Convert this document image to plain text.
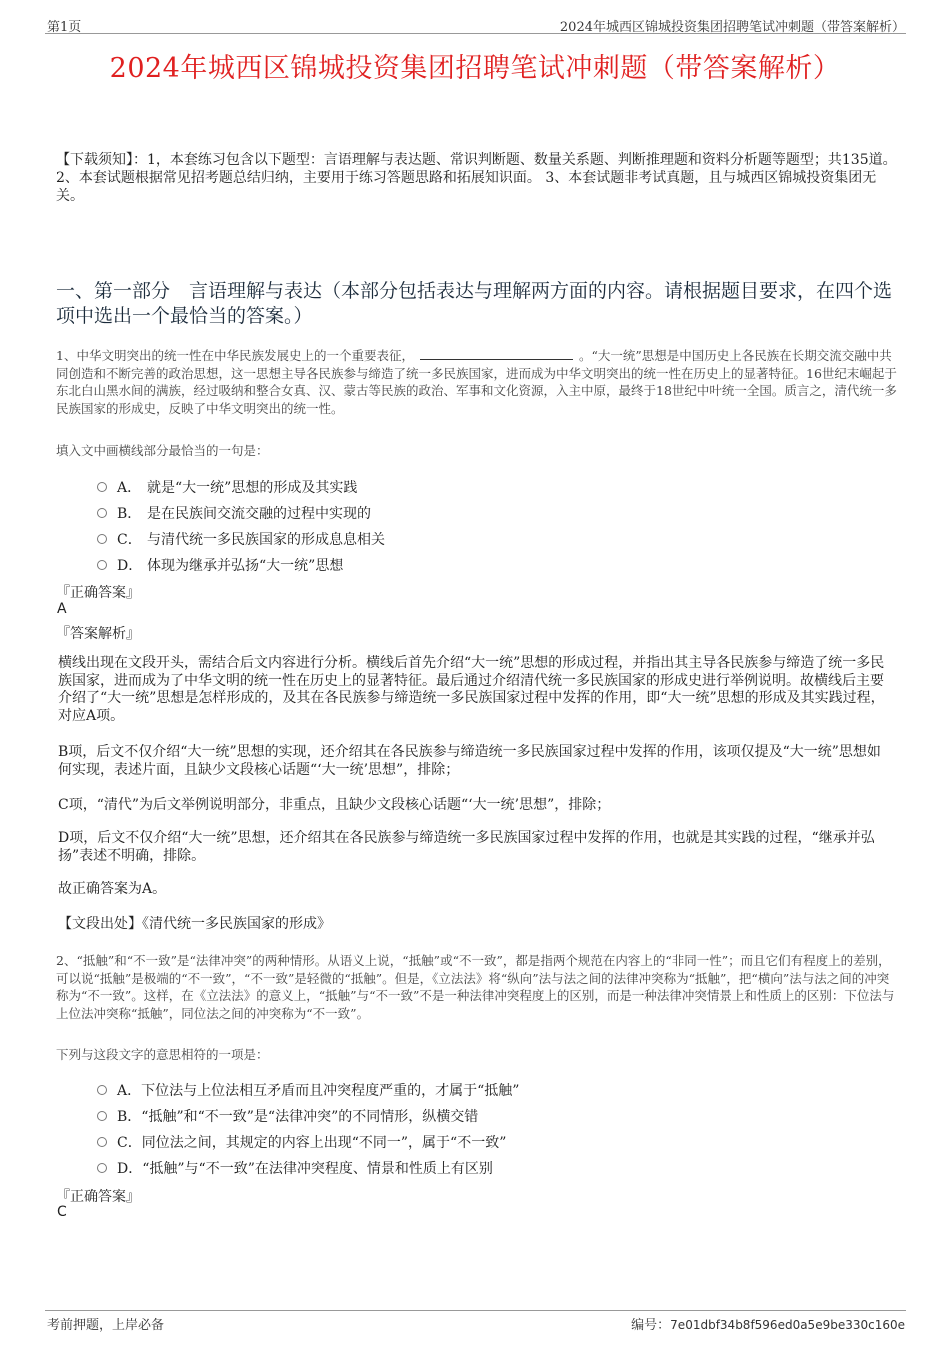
第1页	2024年城西区锦城投资集团招聘笔试冲刺题（带答案解析）
2024年城西区锦城投资集团招聘笔试冲刺题（带答案解析）
【下载须知】：1，本套练习包含以下题型：言语理解与表达题、常识判断题、数量关系题、判断推理题和资料分析题等题型；共135道。 2、本套试题根据常见招考题总结归纳，主要用于练习答题思路和拓展知识面。 3、本套试题非考试真题，且与城西区锦城投资集团无关。
一、第一部分　言语理解与表达（本部分包括表达与理解两方面的内容。请根据题目要求，在四个选项中选出一个最恰当的答案。）
1、中华文明突出的统一性在中华民族发展史上的一个重要表征，	。“大一统”思想是中国历史上各民族在长期交流交融中共同创造和不断完善的政治思想，这一思想主导各民族参与缔造了统一多民族国家，进而成为中华文明突出的统一性在历史上的显著特征。16世纪末崛起于东北白山黑水间的满族，经过吸纳和整合女真、汉、蒙古等民族的政治、军事和文化资源，入主中原，最终于18世纪中叶统一全国。质言之，清代统一多民族国家的形成史，反映了中华文明突出的统一性。
填入文中画横线部分最恰当的一句是：
A． 就是“大一统”思想的形成及其实践
B． 是在民族间交流交融的过程中实现的
C． 与清代统一多民族国家的形成息息相关
D． 体现为继承并弘扬“大一统”思想
『正确答案』
A
『答案解析』
横线出现在文段开头，需结合后文内容进行分析。横线后首先介绍“大一统”思想的形成过程，并指出其主导各民族参与缔造了统一多民族国家，进而成为了中华文明的统一性在历史上的显著特征。最后通过介绍清代统一多民族国家的形成史进行举例说明。故横线后主要介绍了“大一统”思想是怎样形成的，及其在各民族参与缔造统一多民族国家过程中发挥的作用，即“大一统”思想的形成及其实践过程，对应A项。
B项，后文不仅介绍“大一统”思想的实现，还介绍其在各民族参与缔造统一多民族国家过程中发挥的作用，该项仅提及“大一统”思想如何实现，表述片面，且缺少文段核心话题“‘大一统’思想”，排除；
C项，“清代”为后文举例说明部分，非重点，且缺少文段核心话题“‘大一统’思想”，排除；
D项，后文不仅介绍“大一统”思想，还介绍其在各民族参与缔造统一多民族国家过程中发挥的作用，也就是其实践的过程，“继承并弘扬”表述不明确，排除。
故正确答案为A。
【文段出处】《清代统一多民族国家的形成》
2、“抵触”和“不一致”是“法律冲突”的两种情形。从语义上说，“抵触”或“不一致”，都是指两个规范在内容上的“非同一性”；而且它们有程度上的差别，可以说“抵触”是极端的“不一致”，“不一致”是轻微的“抵触”。但是，《立法法》将“纵向”法与法之间的法律冲突称为“抵触”，把“横向”法与法之间的冲突称为“不一致”。这样，在《立法法》的意义上，“抵触”与“不一致”不是一种法律冲突程度上的区别，而是一种法律冲突情景上和性质上的区别：下位法与上位法冲突称“抵触”，同位法之间的冲突称为“不一致”。
下列与这段文字的意思相符的一项是：
A．下位法与上位法相互矛盾而且冲突程度严重的，才属于“抵触”
B．“抵触”和“不一致”是“法律冲突”的不同情形，纵横交错
C．同位法之间，其规定的内容上出现“不同一”，属于“不一致”
D．“抵触”与“不一致”在法律冲突程度、情景和性质上有区别
『正确答案』
C
考前押题，上岸必备	编号：7e01dbf34b8f596ed0a5e9be330c160e
